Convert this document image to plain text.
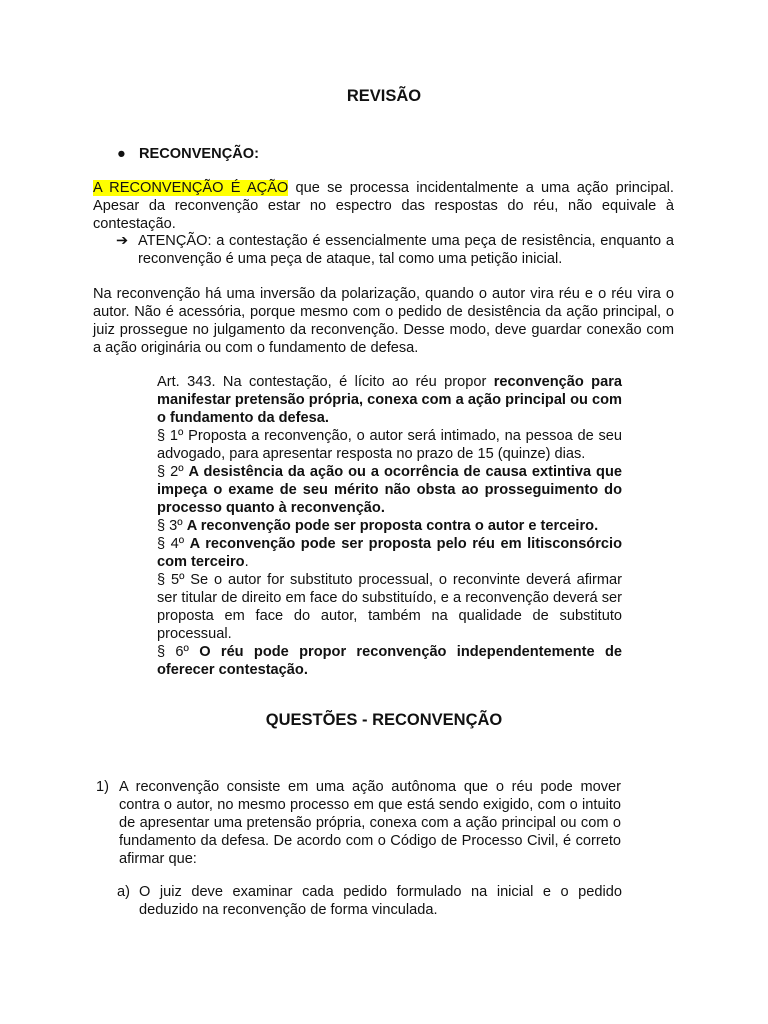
REVISÃO
● RECONVENÇÃO:
A RECONVENÇÃO É AÇÃO que se processa incidentalmente a uma ação principal. Apesar da reconvenção estar no espectro das respostas do réu, não equivale à contestação.
➔ ATENÇÃO: a contestação é essencialmente uma peça de resistência, enquanto a reconvenção é uma peça de ataque, tal como uma petição inicial.
Na reconvenção há uma inversão da polarização, quando o autor vira réu e o réu vira o autor. Não é acessória, porque mesmo com o pedido de desistência da ação principal, o juiz prossegue no julgamento da reconvenção. Desse modo, deve guardar conexão com a ação originária ou com o fundamento de defesa.

Art. 343. Na contestação, é lícito ao réu propor reconvenção para manifestar pretensão própria, conexa com a ação principal ou com o fundamento da defesa.

§ 1º Proposta a reconvenção, o autor será intimado, na pessoa de seu advogado, para apresentar resposta no prazo de 15 (quinze) dias.

§ 2º A desistência da ação ou a ocorrência de causa extintiva que impeça o exame de seu mérito não obsta ao prosseguimento do processo quanto à reconvenção.

§ 3º A reconvenção pode ser proposta contra o autor e terceiro.

§ 4º A reconvenção pode ser proposta pelo réu em litisconsórcio com terceiro.

§ 5º Se o autor for substituto processual, o reconvinte deverá afirmar ser titular de direito em face do substituído, e a reconvenção deverá ser proposta em face do autor, também na qualidade de substituto processual.

§ 6º O réu pode propor reconvenção independentemente de oferecer contestação.

QUESTÕES - RECONVENÇÃO
1) A reconvenção consiste em uma ação autônoma que o réu pode mover contra o autor, no mesmo processo em que está sendo exigido, com o intuito de apresentar uma pretensão própria, conexa com a ação principal ou com o fundamento da defesa. De acordo com o Código de Processo Civil, é correto afirmar que:
a) O juiz deve examinar cada pedido formulado na inicial e o pedido deduzido na reconvenção de forma vinculada.
